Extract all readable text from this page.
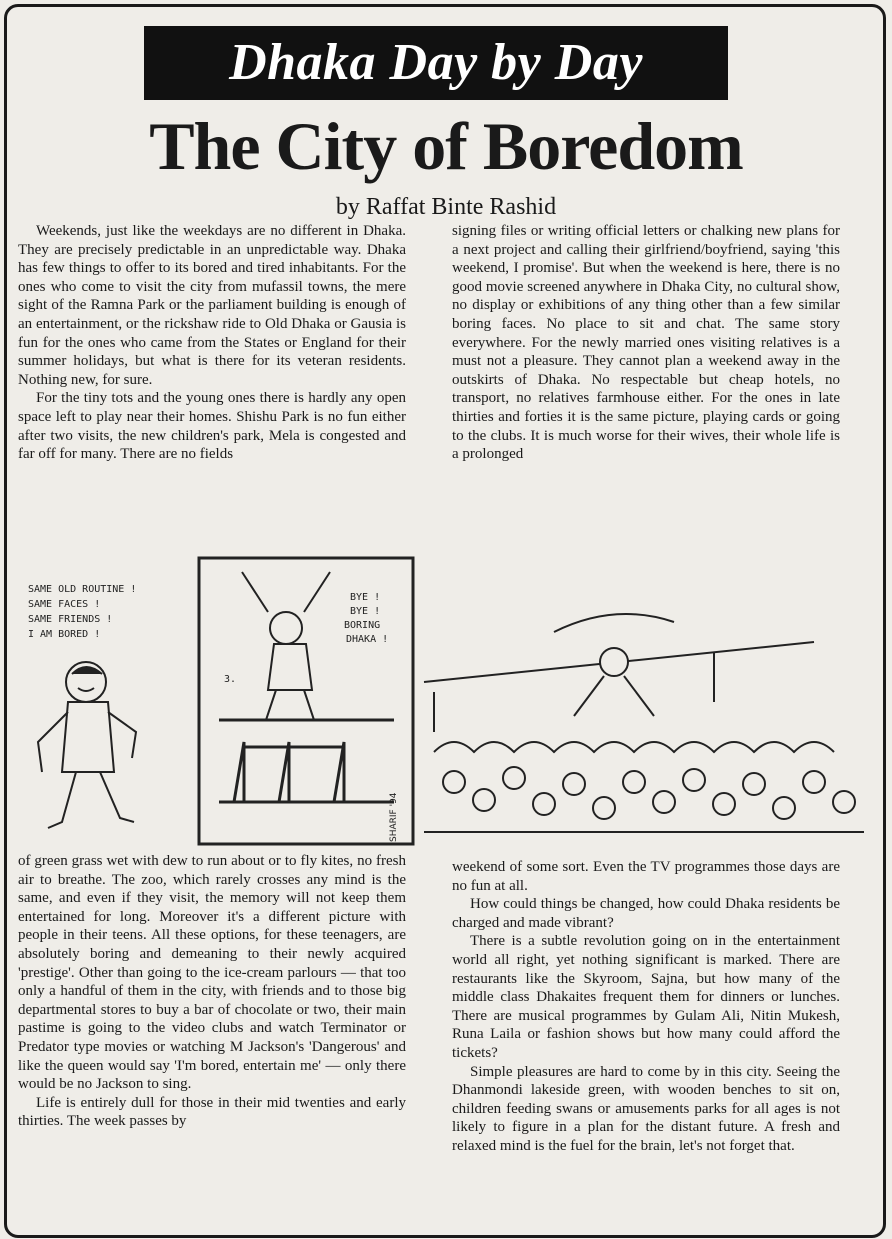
Dhaka Day by Day
The City of Boredom
by Raffat Binte Rashid

Weekends, just like the weekdays are no different in Dhaka. They are precisely predictable in an unpredictable way. Dhaka has few things to offer to its bored and tired inhabitants. For the ones who come to visit the city from mufassil towns, the mere sight of the Ramna Park or the parliament building is enough of an entertainment, or the rickshaw ride to Old Dhaka or Gausia is fun for the ones who came from the States or England for their summer holidays, but what is there for its veteran residents. Nothing new, for sure.

For the tiny tots and the young ones there is hardly any open space left to play near their homes. Shishu Park is no fun either after two visits, the new children's park, Mela is congested and far off for many. There are no fields

signing files or writing official letters or chalking new plans for a next project and calling their girlfriend/boyfriend, saying 'this weekend, I promise'. But when the weekend is here, there is no good movie screened anywhere in Dhaka City, no cultural show, no display or exhibitions of any thing other than a few similar boring faces. No place to sit and chat. The same story everywhere. For the newly married ones visiting relatives is a must not a pleasure. They cannot plan a weekend away in the outskirts of Dhaka. No respectable but cheap hotels, no transport, no relatives farmhouse either. For the ones in late thirties and forties it is the same picture, playing cards or going to the clubs. It is much worse for their wives, their whole life is a prolonged

SAME OLD ROUTINE !
SAME FACES !
SAME FRIENDS !
I AM BORED !
3.
BYE !
BYE !
BORING
DHAKA !
SHARIF '94

of green grass wet with dew to run about or to fly kites, no fresh air to breathe. The zoo, which rarely crosses any mind is the same, and even if they visit, the memory will not keep them entertained for long. Moreover it's a different picture with people in their teens. All these options, for these teenagers, are absolutely boring and demeaning to their newly acquired 'prestige'. Other than going to the ice-cream parlours — that too only a handful of them in the city, with friends and to those big departmental stores to buy a bar of chocolate or two, their main pastime is going to the video clubs and watch Terminator or Predator type movies or watching M Jackson's 'Dangerous' and like the queen would say 'I'm bored, entertain me' — only there would be no Jackson to sing.

Life is entirely dull for those in their mid twenties and early thirties. The week passes by

weekend of some sort. Even the TV programmes those days are no fun at all.

How could things be changed, how could Dhaka residents be charged and made vibrant?

There is a subtle revolution going on in the entertainment world all right, yet nothing significant is marked. There are restaurants like the Skyroom, Sajna, but how many of the middle class Dhakaites frequent them for dinners or lunches. There are musical programmes by Gulam Ali, Nitin Mukesh, Runa Laila or fashion shows but how many could afford the tickets?

Simple pleasures are hard to come by in this city. Seeing the Dhanmondi lakeside green, with wooden benches to sit on, children feeding swans or amusements parks for all ages is not likely to figure in a plan for the distant future. A fresh and relaxed mind is the fuel for the brain, let's not forget that.
